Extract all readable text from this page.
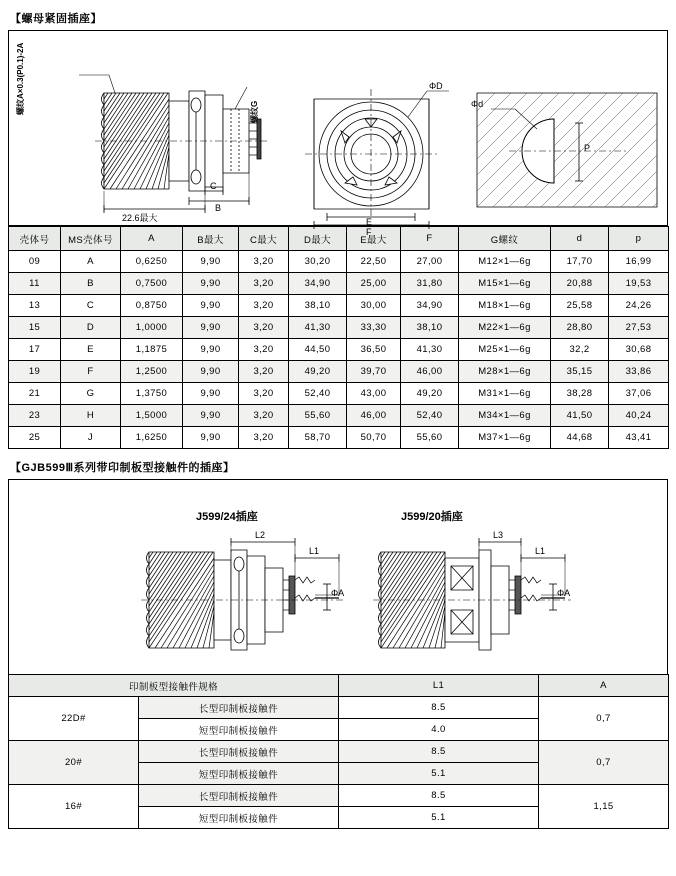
【螺母紧固插座】
螺纹A×0.3(P0.1)-2A	螺纹G
22.6最大
B
C
E
F
ΦD
Φd
P
壳体号	MS壳体号	A	B最大	C最大	D最大	E最大	F	G螺纹	d	p
09	A	0,6250	9,90	3,20	30,20	22,50	27,00	M12×1—6g	17,70	16,99
11	B	0,7500	9,90	3,20	34,90	25,00	31,80	M15×1—6g	20,88	19,53
13	C	0,8750	9,90	3,20	38,10	30,00	34,90	M18×1—6g	25,58	24,26
15	D	1,0000	9,90	3,20	41,30	33,30	38,10	M22×1—6g	28,80	27,53
17	E	1,1875	9,90	3,20	44,50	36,50	41,30	M25×1—6g	32,2	30,68
19	F	1,2500	9,90	3,20	49,20	39,70	46,00	M28×1—6g	35,15	33,86
21	G	1,3750	9,90	3,20	52,40	43,00	49,20	M31×1—6g	38,28	37,06
23	H	1,5000	9,90	3,20	55,60	46,00	52,40	M34×1—6g	41,50	40,24
25	J	1,6250	9,90	3,20	58,70	50,70	55,60	M37×1—6g	44,68	43,41
【GJB599Ⅲ系列带印制板型接触件的插座】
J599/24插座	J599/20插座
L2
L1
ΦA
L3
L1
ΦA
印制板型接触件规格		L1	A
22D#	长型印制板接触件	8.5	0,7
	短型印制板接触件	4.0	
20#	长型印制板接触件	8.5	0,7
	短型印制板接触件	5.1	
16#	长型印制板接触件	8.5	1,15
	短型印制板接触件	5.1	
